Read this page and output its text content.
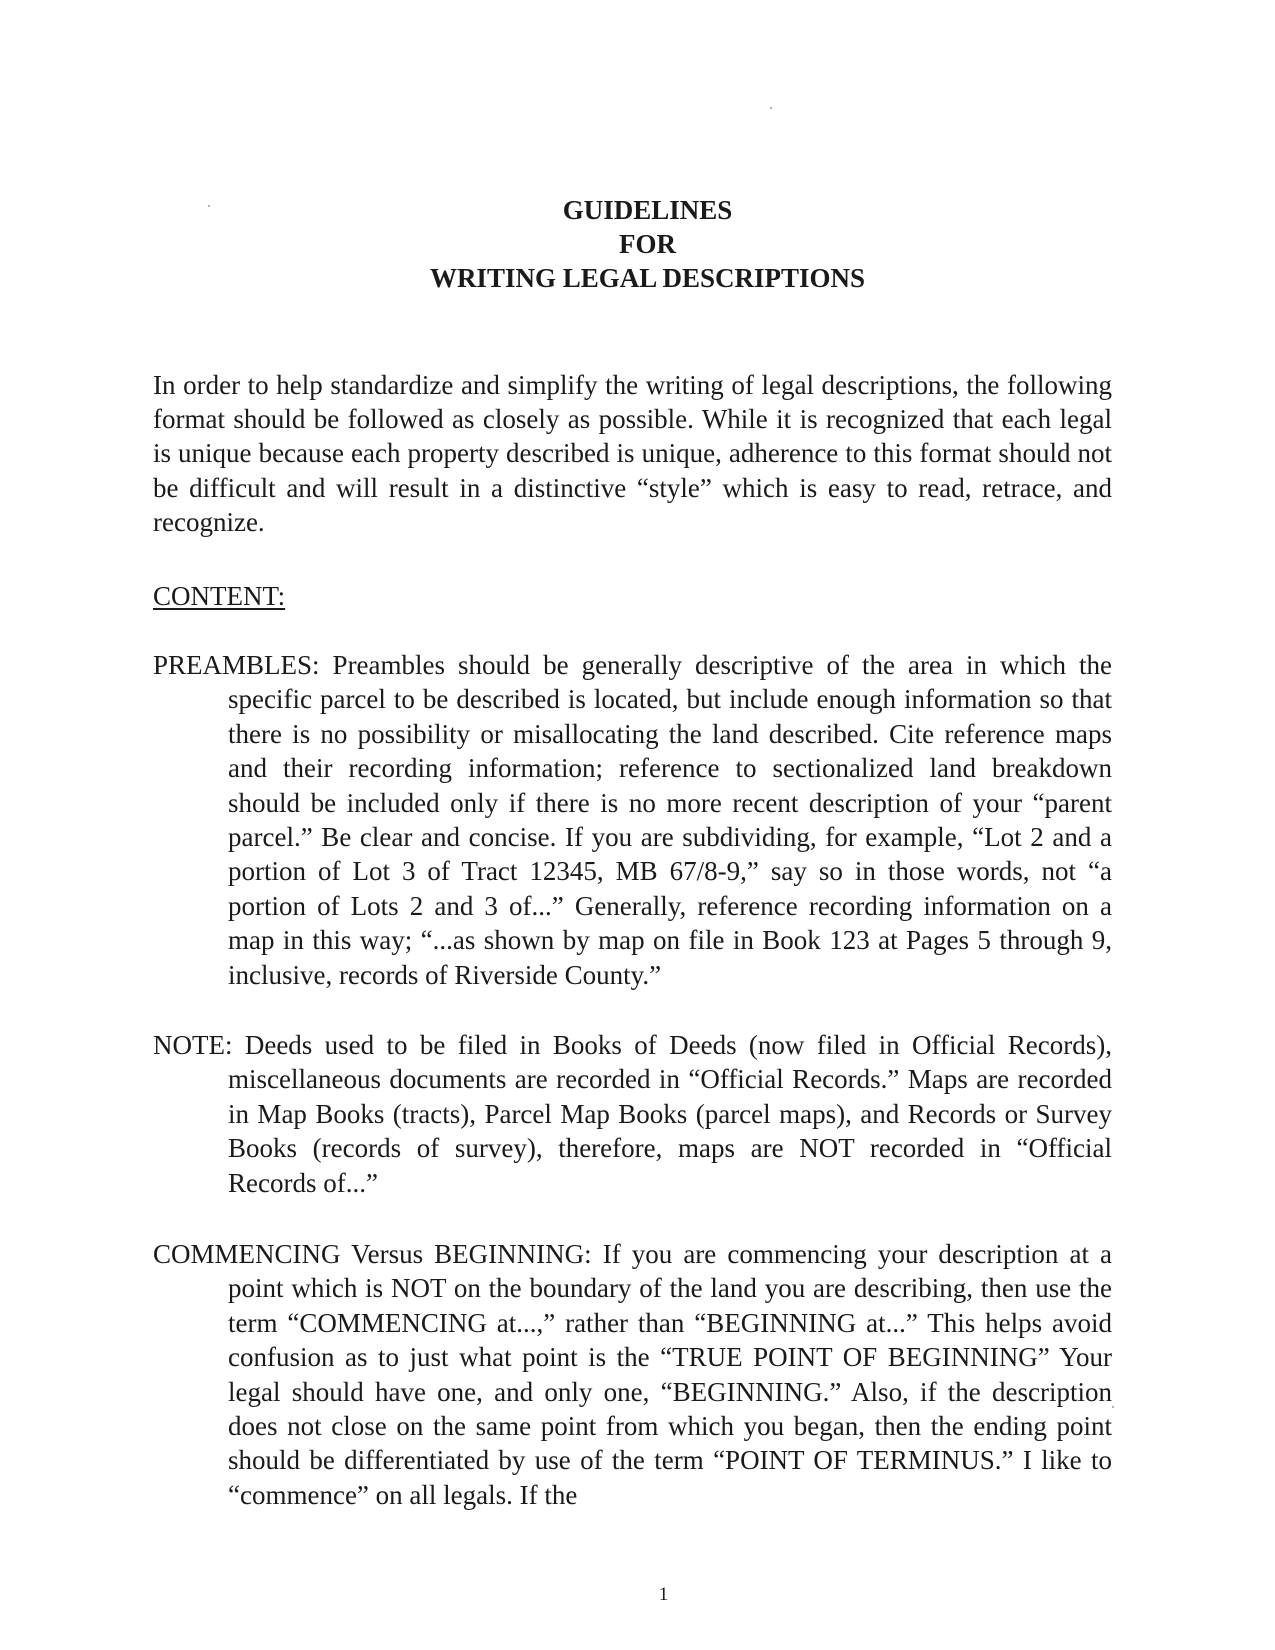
GUIDELINES
FOR
WRITING LEGAL DESCRIPTIONS
In order to help standardize and simplify the writing of legal descriptions, the following format should be followed as closely as possible. While it is recognized that each legal is unique because each property described is unique, adherence to this format should not be difficult and will result in a distinctive “style” which is easy to read, retrace, and recognize.
CONTENT:
PREAMBLES: Preambles should be generally descriptive of the area in which the specific parcel to be described is located, but include enough information so that there is no possibility or misallocating the land described. Cite reference maps and their recording information; reference to sectionalized land breakdown should be included only if there is no more recent description of your “parent parcel.” Be clear and concise. If you are subdividing, for example, “Lot 2 and a portion of Lot 3 of Tract 12345, MB 67/8-9,” say so in those words, not “a portion of Lots 2 and 3 of...” Generally, reference recording information on a map in this way; “...as shown by map on file in Book 123 at Pages 5 through 9, inclusive, records of Riverside County.”
NOTE: Deeds used to be filed in Books of Deeds (now filed in Official Records), miscellaneous documents are recorded in “Official Records.” Maps are recorded in Map Books (tracts), Parcel Map Books (parcel maps), and Records or Survey Books (records of survey), therefore, maps are NOT recorded in “Official Records of...”
COMMENCING Versus BEGINNING: If you are commencing your description at a point which is NOT on the boundary of the land you are describing, then use the term “COMMENCING at...,” rather than “BEGINNING at...” This helps avoid confusion as to just what point is the “TRUE POINT OF BEGINNING” Your legal should have one, and only one, “BEGINNING.” Also, if the description does not close on the same point from which you began, then the ending point should be differentiated by use of the term “POINT OF TERMINUS.” I like to “commence” on all legals. If the
1
